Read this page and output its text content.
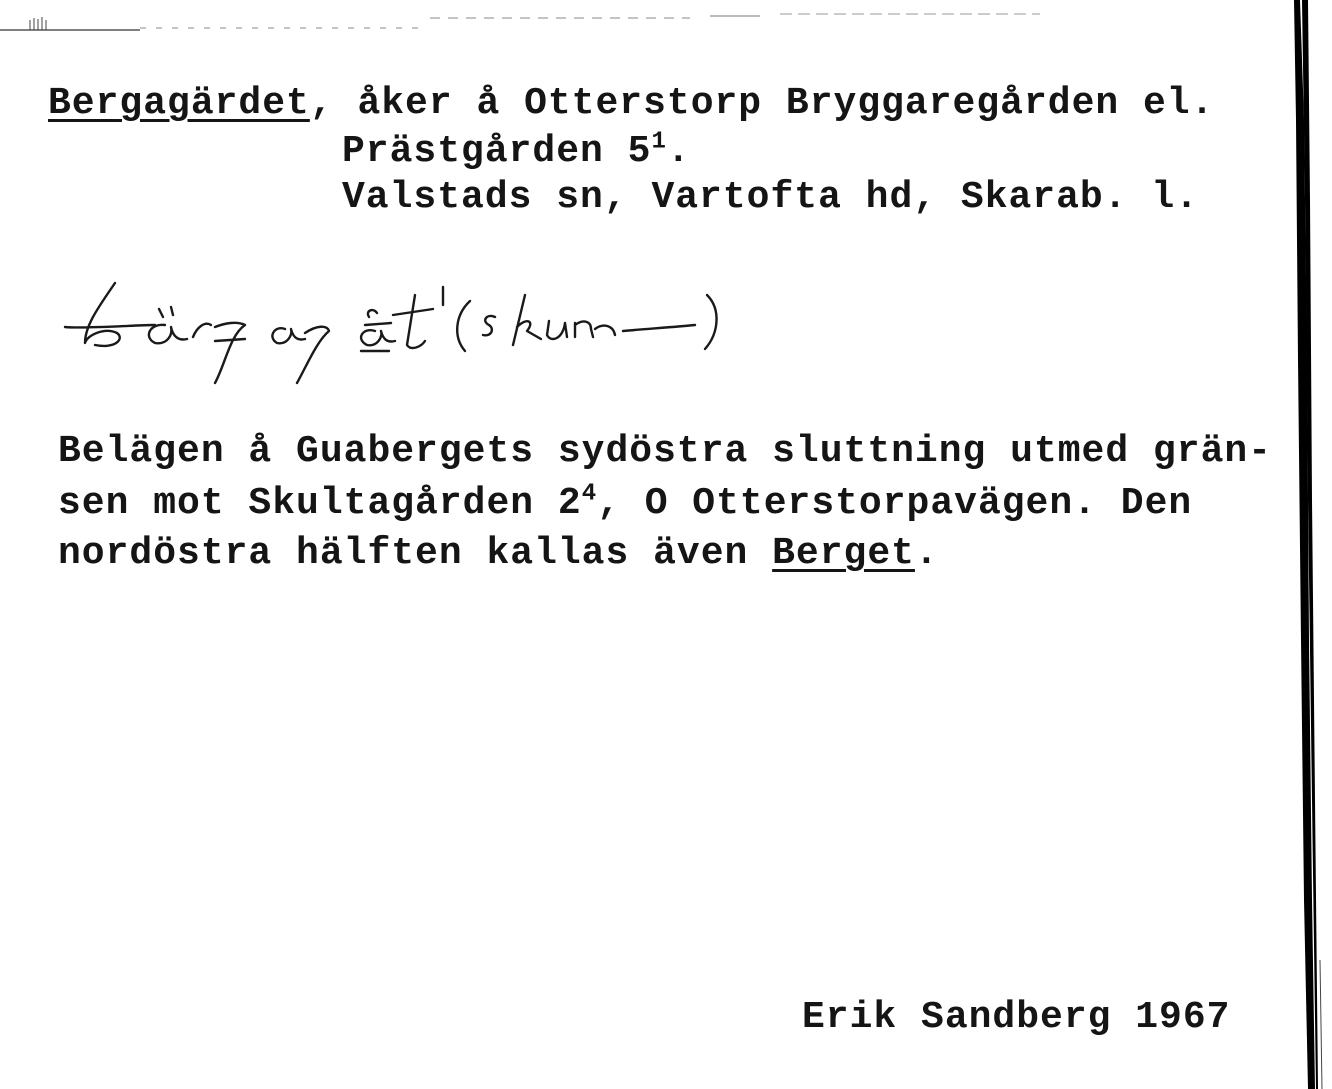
Bergagärdet, åker å Otterstorp Bryggaregården el.
Prästgården $5^1$.
Valstads sn, Vartofta hd, Skarab. l.
Belägen å Guabergets sydöstra sluttning utmed grän-
sen mot Skultagården $2^4$, O Otterstorpavägen. Den
nordöstra hälften kallas även Berget.
Erik Sandberg 1967
